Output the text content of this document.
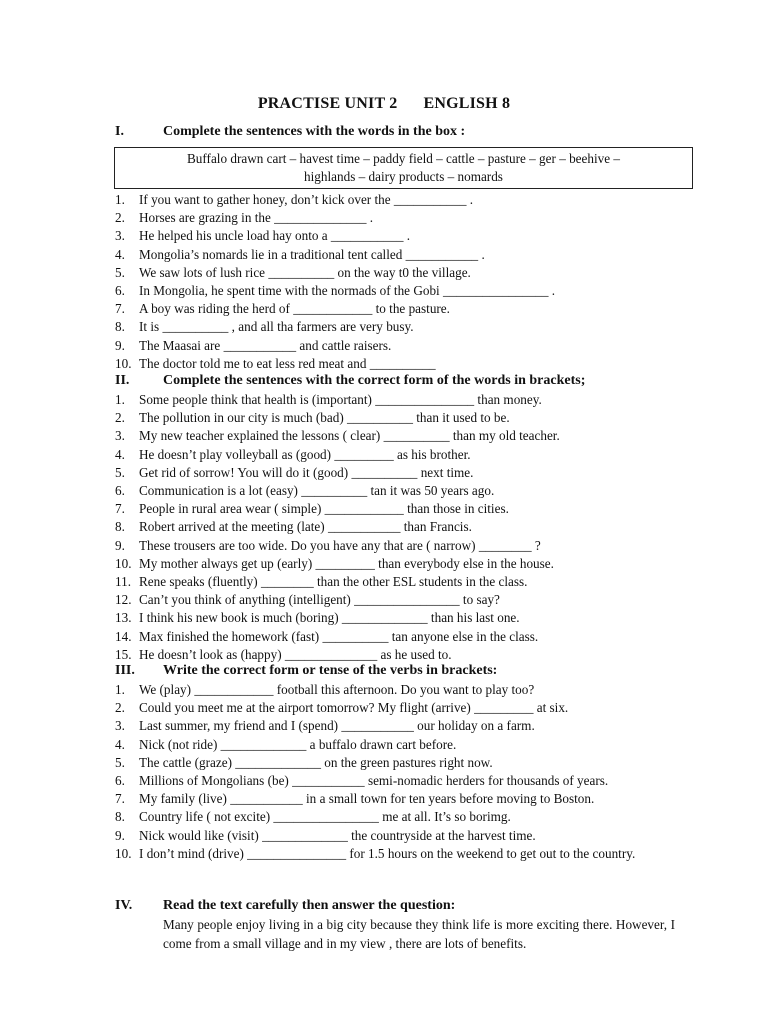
PRACTISE UNIT 2 ENGLISH 8
I.	Complete the sentences with the words in the box :
Buffalo drawn cart – havest time – paddy field – cattle – pasture – ger – beehive –
highlands – dairy products – nomards
1. If you want to gather honey, don’t kick over the ___________ .
2. Horses are grazing in the ______________ .
3. He helped his uncle load hay onto a ___________ .
4. Mongolia’s nomards lie in a traditional tent called ___________ .
5. We saw lots of lush rice __________ on the way t0 the village.
6. In Mongolia, he spent time with the normads of the Gobi ________________ .
7. A boy was riding the herd of ____________ to the pasture.
8. It is __________ , and all tha farmers are very busy.
9. The Maasai are ___________ and cattle raisers.
10. The doctor told me to eat less red meat and __________
II. Complete the sentences with the correct form of the words in brackets;
1. Some people think that health is (important) _______________ than money.
2. The pollution in our city is much (bad) __________ than it used to be.
3. My new teacher explained the lessons ( clear) __________ than my old teacher.
4. He doesn’t play volleyball as (good) _________ as his brother.
5. Get rid of sorrow! You will do it (good) __________ next time.
6. Communication is a lot (easy) __________ tan it was 50 years ago.
7. People in rural area wear ( simple) ____________ than those in cities.
8. Robert arrived at the meeting (late) ___________ than Francis.
9. These trousers are too wide. Do you have any that are ( narrow) ________ ?
10. My mother always get up (early) _________ than everybody else in the house.
11. Rene speaks (fluently) ________ than the other ESL students in the class.
12. Can’t you think of anything (intelligent) ________________ to say?
13. I think his new book is much (boring) _____________ than his last one.
14. Max finished the homework (fast) __________ tan anyone else in the class.
15. He doesn’t look as (happy) ______________ as he used to.
III. Write the correct form or tense of the verbs in brackets:
1. We (play) ____________ football this afternoon. Do you want to play too?
2. Could you meet me at the airport tomorrow? My flight (arrive) _________ at six.
3. Last summer, my friend and I (spend) ___________ our holiday on a farm.
4. Nick (not ride) _____________ a buffalo drawn cart before.
5. The cattle (graze) _____________ on the green pastures right now.
6. Millions of Mongolians (be) ___________ semi-nomadic herders for thousands of years.
7. My family (live) ___________ in a small town for ten years before moving to Boston.
8. Country life ( not excite) ________________ me at all. It’s so borimg.
9. Nick would like (visit) _____________ the countryside at the harvest time.
10. I don’t mind (drive) _______________ for 1.5 hours on the weekend to get out to the country.
IV. Read the text carefully then answer the question:
Many people enjoy living in a big city because they think life is more exciting there. However, I come from a small village and in my view , there are lots of benefits.
